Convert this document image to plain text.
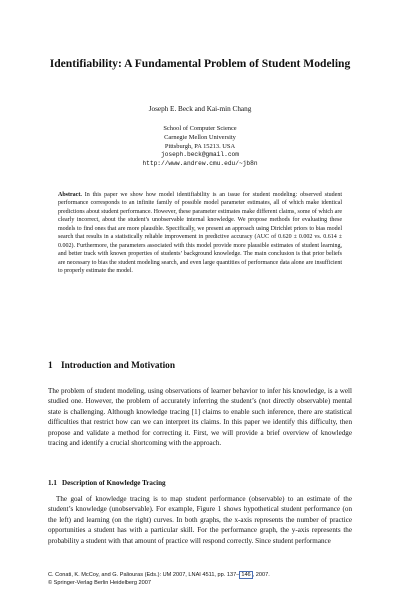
Identifiability: A Fundamental Problem of Student Modeling
Joseph E. Beck and Kai-min Chang
School of Computer Science
Carnegie Mellon University
Pittsburgh, PA 15213. USA
joseph.beck@gmail.com
http://www.andrew.cmu.edu/~jb8n

Abstract. In this paper we show how model identifiability is an issue for student modeling: observed student performance corresponds to an infinite family of possible model parameter estimates, all of which make identical predictions about student performance. However, these parameter estimates make different claims, some of which are clearly incorrect, about the student’s unobservable internal knowledge. We propose methods for evaluating these models to find ones that are more plausible. Specifically, we present an approach using Dirichlet priors to bias model search that results in a statistically reliable improvement in predictive accuracy (AUC of 0.620 ± 0.002 vs. 0.614 ± 0.002). Furthermore, the parameters associated with this model provide more plausible estimates of student learning, and better track with known properties of students’ background knowledge. The main conclusion is that prior beliefs are necessary to bias the student modeling search, and even large quantities of performance data alone are insufficient to properly estimate the model.

1 Introduction and Motivation

The problem of student modeling, using observations of learner behavior to infer his knowledge, is a well studied one. However, the problem of accurately inferring the student’s (not directly observable) mental state is challenging. Although knowledge tracing [1] claims to enable such inference, there are statistical difficulties that restrict how can we can interpret its claims. In this paper we identify this difficulty, then propose and validate a method for correcting it. First, we will provide a brief overview of knowledge tracing and identify a crucial shortcoming with the approach.

1.1 Description of Knowledge Tracing

The goal of knowledge tracing is to map student performance (observable) to an estimate of the student’s knowledge (unobservable). For example, Figure 1 shows hypothetical student performance (on the left) and learning (on the right) curves. In both graphs, the x-axis represents the number of practice opportunities a student has with a particular skill. For the performance graph, the y-axis represents the probability a student with that amount of practice will respond correctly. Since student performance

C. Conati, K. McCoy, and G. Paliouras (Eds.): UM 2007, LNAI 4511, pp. 137– 146 , 2007.
© Springer-Verlag Berlin Heidelberg 2007
